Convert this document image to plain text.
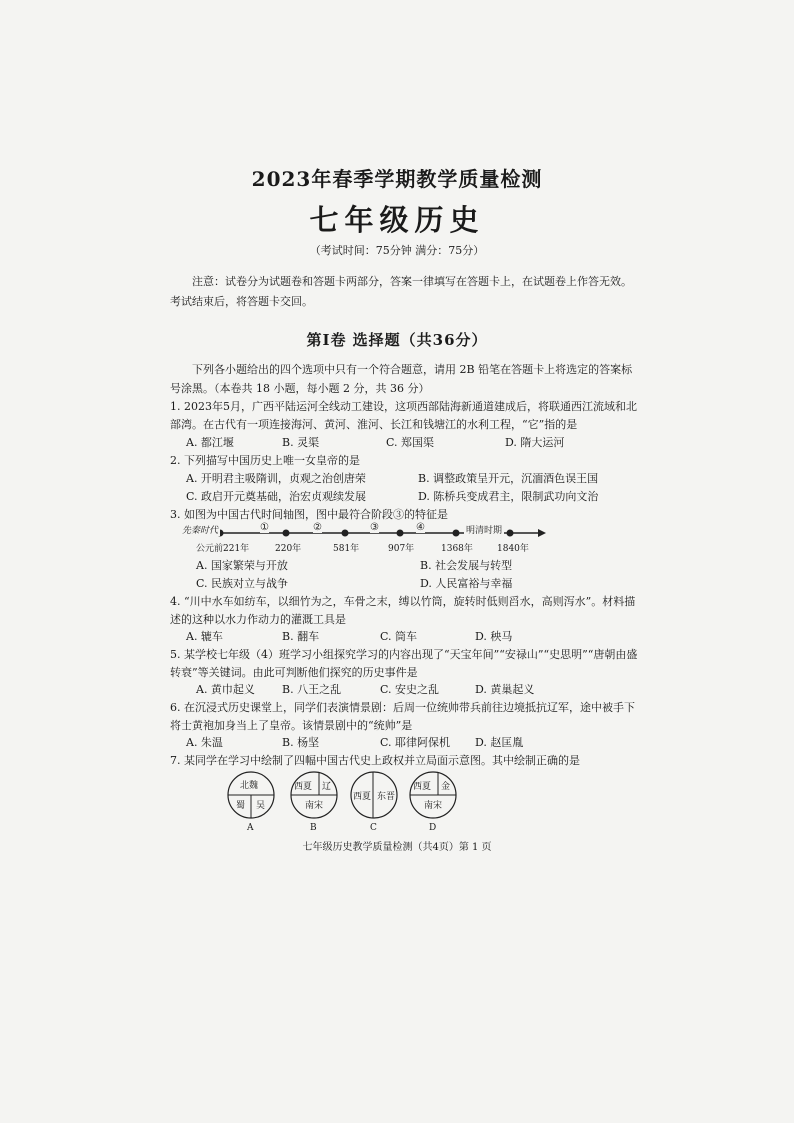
2023年春季学期教学质量检测
七年级历史
（考试时间：75分钟 满分：75分）
注意：试卷分为试题卷和答题卡两部分，答案一律填写在答题卡上，在试题卷上作答无效。考试结束后，将答题卡交回。
第Ⅰ卷 选择题（共36分）
下列各小题给出的四个选项中只有一个符合题意，请用 2B 铅笔在答题卡上将选定的答案标号涂黑。（本卷共 18 小题，每小题 2 分，共 36 分）
1. 2023年5月，广西平陆运河全线动工建设，这项西部陆海新通道建成后，将联通西江流域和北部湾。在古代有一项连接海河、黄河、淮河、长江和钱塘江的水利工程，“它”指的是
A. 都江堰	B. 灵渠	C. 郑国渠	D. 隋大运河
2. 下列描写中国历史上唯一女皇帝的是
A. 开明君主吸隋训，贞观之治创唐荣	B. 调整政策呈开元，沉湎酒色误王国
C. 政启开元奠基础，治宏贞观续发展	D. 陈桥兵变成君主，限制武功向文治
3. 如图为中国古代时间轴图，图中最符合阶段③的特征是
先秦时代	①	②	③	④	明清时期
公元前221年	220年	581年	907年	1368年	1840年
A. 国家繁荣与开放	B. 社会发展与转型
C. 民族对立与战争	D. 人民富裕与幸福
4. “川中水车如纺车，以细竹为之，车骨之末，缚以竹筒，旋转时低则舀水，高则泻水”。材料描述的这种以水力作动力的灌溉工具是
A. 辘车	B. 翻车	C. 筒车	D. 秧马
5. 某学校七年级（4）班学习小组探究学习的内容出现了“天宝年间”“安禄山”“史思明”“唐朝由盛转衰”等关键词。由此可判断他们探究的历史事件是
A. 黄巾起义 B. 八王之乱	C. 安史之乱	D. 黄巢起义
6. 在沉浸式历史课堂上，同学们表演情景剧：后周一位统帅带兵前往边境抵抗辽军，途中被手下将士黄袍加身当上了皇帝。该情景剧中的“统帅”是
A. 朱温	B. 杨坚	C. 耶律阿保机 D. 赵匡胤
7. 某同学在学习中绘制了四幅中国古代史上政权并立局面示意图。其中绘制正确的是
北魏
蜀 吴
A
西夏 辽
南宋
B
西夏 东晋
C
西夏 金
南宋
D
七年级历史教学质量检测（共4页）第 1 页
